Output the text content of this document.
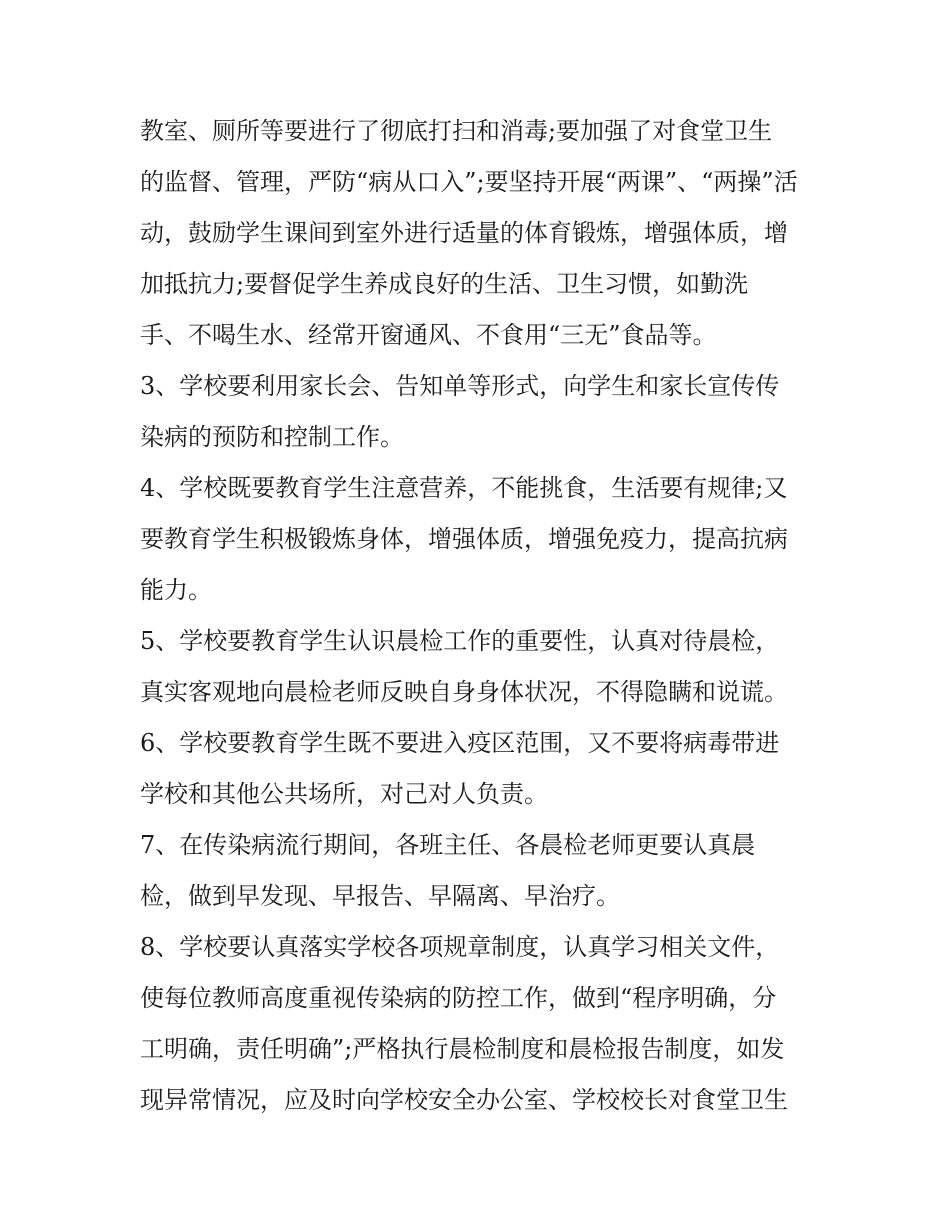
教室、厕所等要进行了彻底打扫和消毒;要加强了对食堂卫生
的监督、管理，严防“病从口入”;要坚持开展“两课”、“两操”活
动，鼓励学生课间到室外进行适量的体育锻炼，增强体质，增
加抵抗力;要督促学生养成良好的生活、卫生习惯，如勤洗
手、不喝生水、经常开窗通风、不食用“三无”食品等。
3、学校要利用家长会、告知单等形式，向学生和家长宣传传
染病的预防和控制工作。
4、学校既要教育学生注意营养，不能挑食，生活要有规律;又
要教育学生积极锻炼身体，增强体质，增强免疫力，提高抗病
能力。
5、学校要教育学生认识晨检工作的重要性，认真对待晨检，
真实客观地向晨检老师反映自身身体状况，不得隐瞒和说谎。
6、学校要教育学生既不要进入疫区范围，又不要将病毒带进
学校和其他公共场所，对己对人负责。
7、在传染病流行期间，各班主任、各晨检老师更要认真晨
检，做到早发现、早报告、早隔离、早治疗。
8、学校要认真落实学校各项规章制度，认真学习相关文件，
使每位教师高度重视传染病的防控工作，做到“程序明确，分
工明确，责任明确”;严格执行晨检制度和晨检报告制度，如发
现异常情况，应及时向学校安全办公室、学校校长对食堂卫生
